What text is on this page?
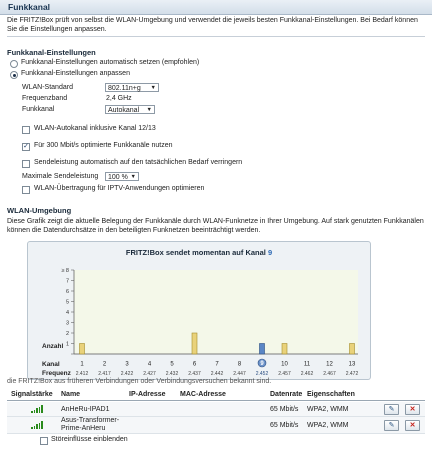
Funkkanal
Die FRITZ!Box prüft von selbst die WLAN-Umgebung und verwendet die jeweils besten Funkkanal-Einstellungen. Bei Bedarf können Sie die Einstellungen anpassen.
Funkkanal-Einstellungen
Funkkanal-Einstellungen automatisch setzen (empfohlen)
Funkkanal-Einstellungen anpassen
WLAN-Standard	802.11n+g ▼
Frequenzband	2,4 GHz
Funkkanal	Autokanal ▼
WLAN-Autokanal inklusive Kanal 12/13
✓ Für 300 Mbit/s optimierte Funkkanäle nutzen
Sendeleistung automatisch auf den tatsächlichen Bedarf verringern
Maximale Sendeleistung	100 % ▼
WLAN-Übertragung für IPTV-Anwendungen optimieren
WLAN-Umgebung
Diese Grafik zeigt die aktuelle Belegung der Funkkanäle durch WLAN-Funknetze in Ihrer Umgebung. Auf stark genutzten Funkkanälen können die Datendurchsätze in den beteiligten Funknetzen beeinträchtigt werden.
FRITZ!Box sendet momentan auf Kanal 9
1
2
3
4
5
6
7
≥ 8
Anzahl
Kanal
Frequenz
1
2.412
2
2.417
3
2.422
4
2.427
5
2.432
6
2.437
7
2.442
8
2.447
9
2.452
10
2.457
11
2.462
12
2.467
13
2.472
die FRITZ!Box aus früheren Verbindungen oder Verbindungsversuchen bekannt sind.
Signalstärke Name	IP-Adresse MAC-Adresse	Datenrate Eigenschaften
AnHeRu-IPAD1	65 Mbit/s WPA2, WMM	✎	✕
Asus-Transformer-Prime-AnHeru	65 Mbit/s WPA2, WMM	✎	✕
Störeinflüsse einblenden
